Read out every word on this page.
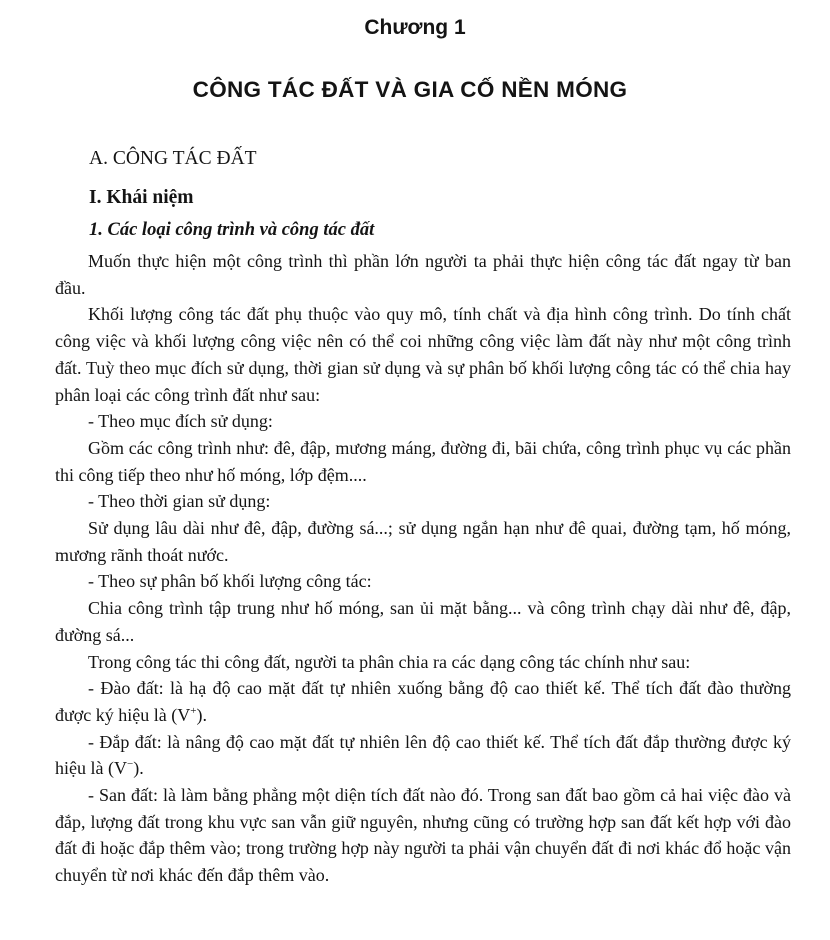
Chương 1
CÔNG TÁC ĐẤT VÀ GIA CỐ NỀN MÓNG
A. CÔNG TÁC ĐẤT
I. Khái niệm
1. Các loại công trình và công tác đất

Muốn thực hiện một công trình thì phần lớn người ta phải thực hiện công tác đất ngay từ ban đầu.

Khối lượng công tác đất phụ thuộc vào quy mô, tính chất và địa hình công trình. Do tính chất công việc và khối lượng công việc nên có thể coi những công việc làm đất này như một công trình đất. Tuỳ theo mục đích sử dụng, thời gian sử dụng và sự phân bố khối lượng công tác có thể chia hay phân loại các công trình đất như sau:

- Theo mục đích sử dụng:

Gồm các công trình như: đê, đập, mương máng, đường đi, bãi chứa, công trình phục vụ các phần thi công tiếp theo như hố móng, lớp đệm....

- Theo thời gian sử dụng:

Sử dụng lâu dài như đê, đập, đường sá...; sử dụng ngắn hạn như đê quai, đường tạm, hố móng, mương rãnh thoát nước.

- Theo sự phân bố khối lượng công tác:

Chia công trình tập trung như hố móng, san ủi mặt bằng... và công trình chạy dài như đê, đập, đường sá...

Trong công tác thi công đất, người ta phân chia ra các dạng công tác chính như sau:

- Đào đất: là hạ độ cao mặt đất tự nhiên xuống bằng độ cao thiết kế. Thể tích đất đào thường được ký hiệu là (V+).

- Đắp đất: là nâng độ cao mặt đất tự nhiên lên độ cao thiết kế. Thể tích đất đắp thường được ký hiệu là (V−).

- San đất: là làm bằng phẳng một diện tích đất nào đó. Trong san đất bao gồm cả hai việc đào và đắp, lượng đất trong khu vực san vẫn giữ nguyên, nhưng cũng có trường hợp san đất kết hợp với đào đất đi hoặc đắp thêm vào; trong trường hợp này người ta phải vận chuyển đất đi nơi khác đổ hoặc vận chuyển từ nơi khác đến đắp thêm vào.
